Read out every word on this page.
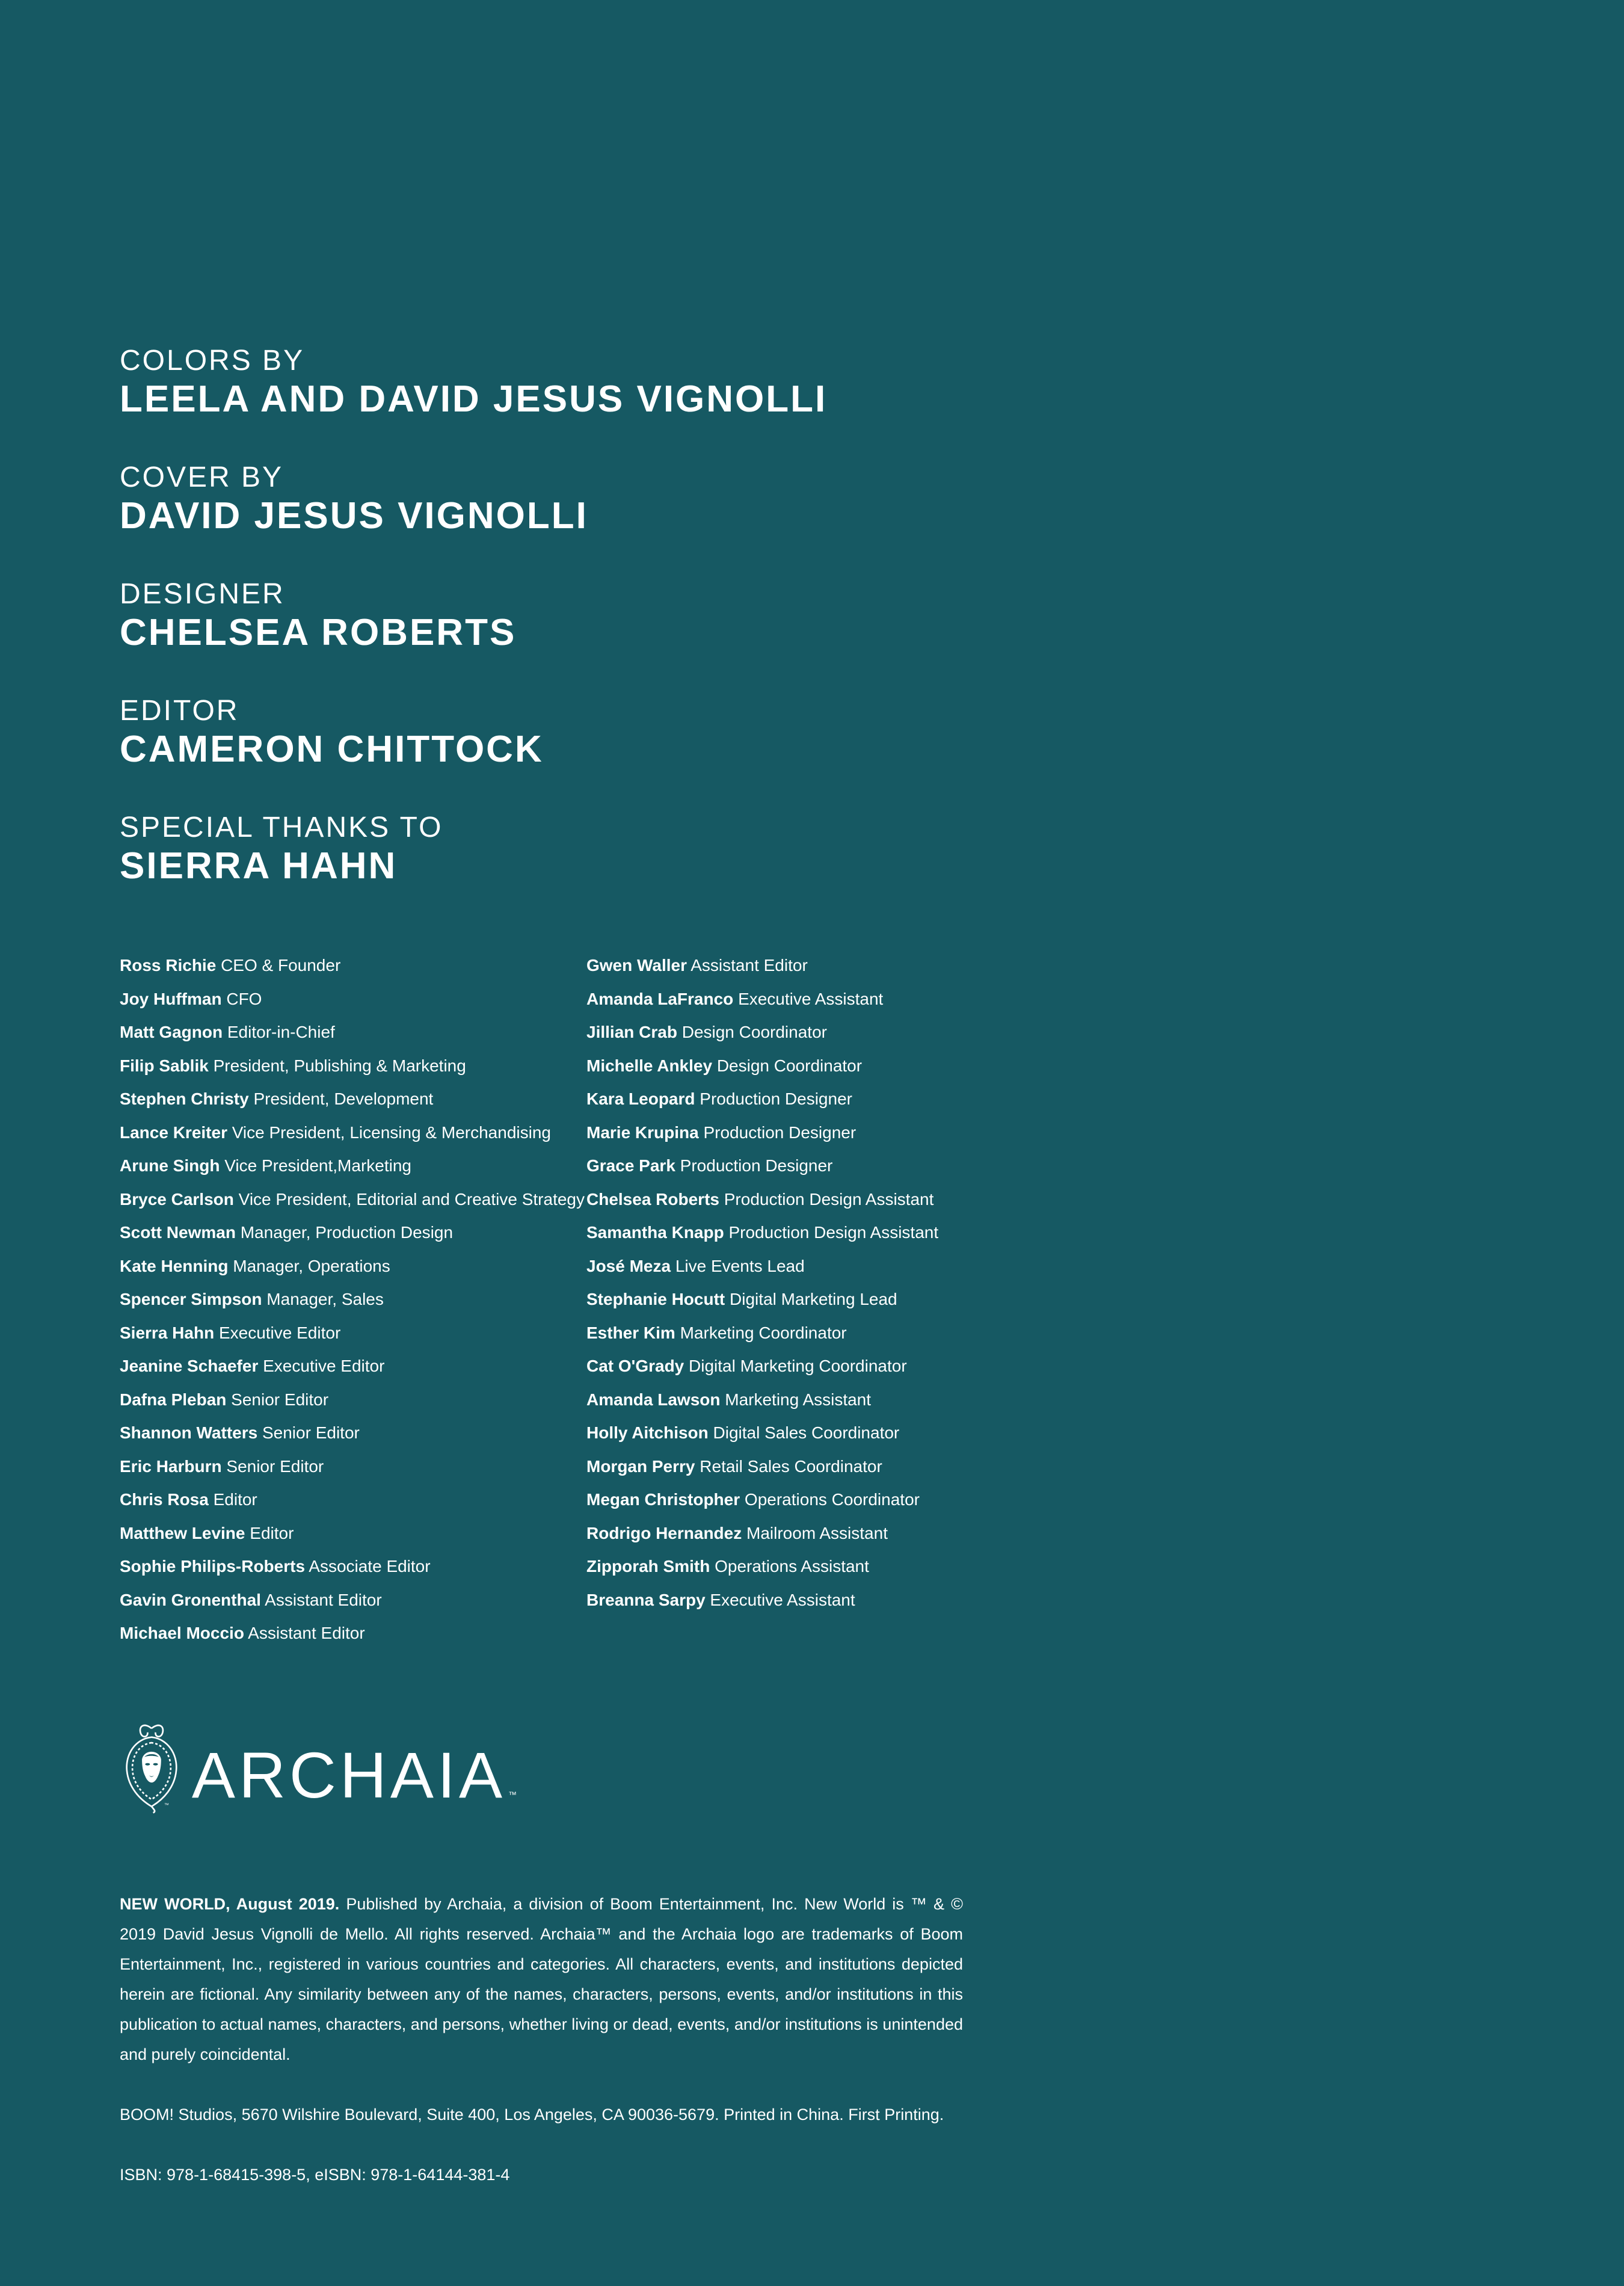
COLORS BY
LEELA AND DAVID JESUS VIGNOLLI
COVER BY
DAVID JESUS VIGNOLLI
DESIGNER
CHELSEA ROBERTS
EDITOR
CAMERON CHITTOCK
SPECIAL THANKS TO
SIERRA HAHN
Ross Richie CEO & Founder
Joy Huffman CFO
Matt Gagnon Editor-in-Chief
Filip Sablik President, Publishing & Marketing
Stephen Christy President, Development
Lance Kreiter Vice President, Licensing & Merchandising
Arune Singh Vice President,Marketing
Bryce Carlson Vice President, Editorial and Creative Strategy
Scott Newman Manager, Production Design
Kate Henning Manager, Operations
Spencer Simpson Manager, Sales
Sierra Hahn Executive Editor
Jeanine Schaefer Executive Editor
Dafna Pleban Senior Editor
Shannon Watters Senior Editor
Eric Harburn Senior Editor
Chris Rosa Editor
Matthew Levine Editor
Sophie Philips-Roberts Associate Editor
Gavin Gronenthal Assistant Editor
Michael Moccio Assistant Editor
Gwen Waller Assistant Editor
Amanda LaFranco Executive Assistant
Jillian Crab Design Coordinator
Michelle Ankley Design Coordinator
Kara Leopard Production Designer
Marie Krupina Production Designer
Grace Park Production Designer
Chelsea Roberts Production Design Assistant
Samantha Knapp Production Design Assistant
José Meza Live Events Lead
Stephanie Hocutt Digital Marketing Lead
Esther Kim Marketing Coordinator
Cat O'Grady Digital Marketing Coordinator
Amanda Lawson Marketing Assistant
Holly Aitchison Digital Sales Coordinator
Morgan Perry Retail Sales Coordinator
Megan Christopher Operations Coordinator
Rodrigo Hernandez Mailroom Assistant
Zipporah Smith Operations Assistant
Breanna Sarpy Executive Assistant
™ ARCHAIA ™

NEW WORLD, August 2019. Published by Archaia, a division of Boom Entertainment, Inc. New World is ™ & © 2019 David Jesus Vignolli de Mello. All rights reserved. Archaia™ and the Archaia logo are trademarks of Boom Entertainment, Inc., registered in various countries and categories. All characters, events, and institutions depicted herein are fictional. Any similarity between any of the names, characters, persons, events, and/or institutions in this publication to actual names, characters, and persons, whether living or dead, events, and/or institutions is unintended and purely coincidental.

BOOM! Studios, 5670 Wilshire Boulevard, Suite 400, Los Angeles, CA 90036-5679. Printed in China. First Printing.

ISBN: 978-1-68415-398-5, eISBN: 978-1-64144-381-4
